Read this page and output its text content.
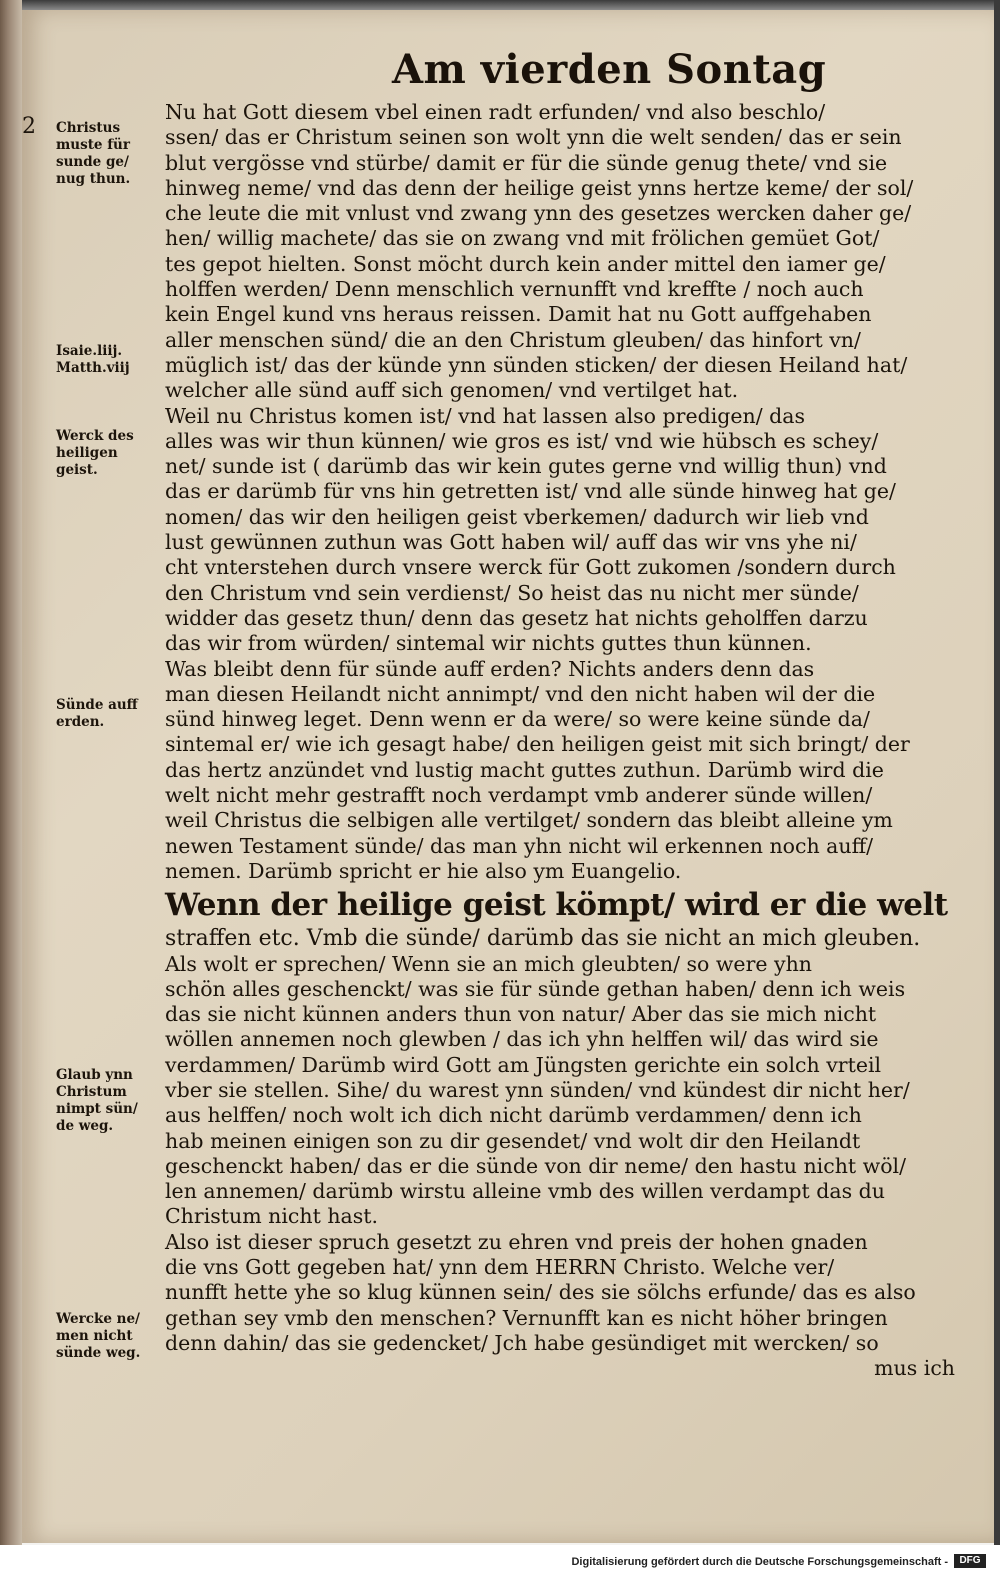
2
Am vierden Sontag
Christus
muste für
sunde ge/
nug thun.
Isaie.liij.
Matth.viij
Werck des
heiligen
geist.
Sünde auff
erden.
Glaub ynn
Christum
nimpt sün/
de weg.
Wercke ne/
men nicht
sünde weg.
Nu hat Gott diesem vbel einen radt erfunden/ vnd also beschlo/
ssen/ das er Christum seinen son wolt ynn die welt senden/ das er sein
blut vergösse vnd stürbe/ damit er für die sünde genug thete/ vnd sie
hinweg neme/ vnd das denn der heilige geist ynns hertze keme/ der sol/
che leute die mit vnlust vnd zwang ynn des gesetzes wercken daher ge/
hen/ willig machete/ das sie on zwang vnd mit frölichen gemüet Got/
tes gepot hielten. Sonst möcht durch kein ander mittel den iamer ge/
holffen werden/ Denn menschlich vernunfft vnd krefftе / noch auch
kein Engel kund vns heraus reissen. Damit hat nu Gott auffgehaben
aller menschen sünd/ die an den Christum gleuben/ das hinfort vn/
müglich ist/ das der künde ynn sünden sticken/ der diesen Heiland hat/
welcher alle sünd auff sich genomen/ vnd vertilget hat.
Weil nu Christus komen ist/ vnd hat lassen also predigen/ das
alles was wir thun künnen/ wie gros es ist/ vnd wie hübsch es schey/
net/ sunde ist ( darümb das wir kein gutes gerne vnd willig thun) vnd
das er darümb für vns hin getretten ist/ vnd alle sünde hinweg hat ge/
nomen/ das wir den heiligen geist vberkemen/ dadurch wir lieb vnd
lust gewünnen zuthun was Gott haben wil/ auff das wir vns yhe ni/
cht vnterstehen durch vnsere werck für Gott zukomen /sondern durch
den Christum vnd sein verdienst/ So heist das nu nicht mer sünde/
widder das gesetz thun/ denn das gesetz hat nichts geholffen darzu
das wir from würden/ sintemal wir nichts guttes thun künnen.
Was bleibt denn für sünde auff erden? Nichts anders denn das
man diesen Heilandt nicht annimpt/ vnd den nicht haben wil der die
sünd hinweg leget. Denn wenn er da were/ so were keine sünde da/
sintemal er/ wie ich gesagt habe/ den heiligen geist mit sich bringt/ der
das hertz anzündet vnd lustig macht guttes zuthun. Darümb wird die
welt nicht mehr gestrafft noch verdampt vmb anderer sünde willen/
weil Christus die selbigen alle vertilget/ sondern das bleibt alleine ym
newen Testament sünde/ das man yhn nicht wil erkennen noch auff/
nemen. Darümb spricht er hie also ym Euangelio.
Wenn der heilige geist kömpt/ wird er die welt
straffen etc. Vmb die sünde/ darümb das sie nicht an mich gleuben.
Als wolt er sprechen/ Wenn sie an mich gleubten/ so were yhn
schön alles geschenckt/ was sie für sünde gethan haben/ denn ich weis
das sie nicht künnen anders thun von natur/ Aber das sie mich nicht
wöllen annemen noch glewben / das ich yhn helffen wil/ das wird sie
verdammen/ Darümb wird Gott am Jüngsten gerichte ein solch vrteil
vber sie stellen. Sihe/ du warest ynn sünden/ vnd kündest dir nicht her/
aus helffen/ noch wolt ich dich nicht darümb verdammen/ denn ich
hab meinen einigen son zu dir gesendet/ vnd wolt dir den Heilandt
geschenckt haben/ das er die sünde von dir neme/ den hastu nicht wöl/
len annemen/ darümb wirstu alleine vmb des willen verdampt das du
Christum nicht hast.
Also ist dieser spruch gesetzt zu ehren vnd preis der hohen gnaden
die vns Gott gegeben hat/ ynn dem HERRN Christo. Welche ver/
nunfft hette yhe so klug künnen sein/ des sie sölchs erfunde/ das es also
gethan sey vmb den menschen? Vernunfft kan es nicht höher bringen
denn dahin/ das sie gedencket/ Jch habe gesündiget mit wercken/ so
mus ich
Digitalisierung gefördert durch die Deutsche Forschungsgemeinschaft -	DFG
